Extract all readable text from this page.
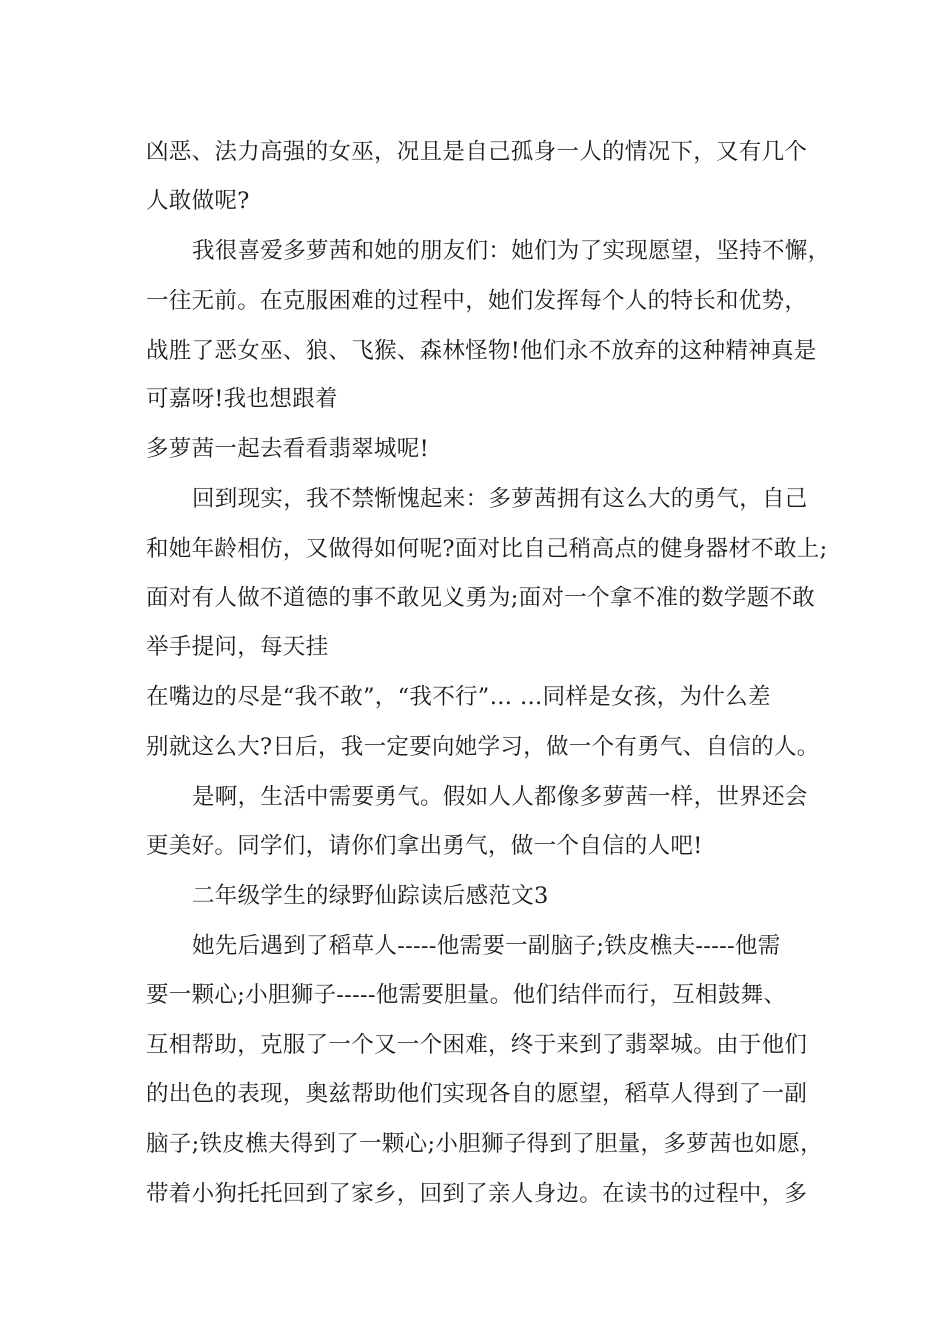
凶恶、法力高强的女巫，况且是自己孤身一人的情况下，又有几个
人敢做呢?
我很喜爱多萝茜和她的朋友们：她们为了实现愿望，坚持不懈，
一往无前。在克服困难的过程中，她们发挥每个人的特长和优势，
战胜了恶女巫、狼、飞猴、森林怪物!他们永不放弃的这种精神真是
可嘉呀!我也想跟着
多萝茜一起去看看翡翠城呢!
回到现实，我不禁惭愧起来：多萝茜拥有这么大的勇气，自己
和她年龄相仿，又做得如何呢?面对比自己稍高点的健身器材不敢上;
面对有人做不道德的事不敢见义勇为;面对一个拿不准的数学题不敢
举手提问，每天挂
在嘴边的尽是“我不敢”，“我不行”… …同样是女孩，为什么差
别就这么大?日后，我一定要向她学习，做一个有勇气、自信的人。
是啊，生活中需要勇气。假如人人都像多萝茜一样，世界还会
更美好。同学们，请你们拿出勇气，做一个自信的人吧!
二年级学生的绿野仙踪读后感范文3
她先后遇到了稻草人-----他需要一副脑子;铁皮樵夫-----他需
要一颗心;小胆狮子-----他需要胆量。他们结伴而行，互相鼓舞、
互相帮助，克服了一个又一个困难，终于来到了翡翠城。由于他们
的出色的表现，奥兹帮助他们实现各自的愿望，稻草人得到了一副
脑子;铁皮樵夫得到了一颗心;小胆狮子得到了胆量，多萝茜也如愿，
带着小狗托托回到了家乡，回到了亲人身边。在读书的过程中，多
